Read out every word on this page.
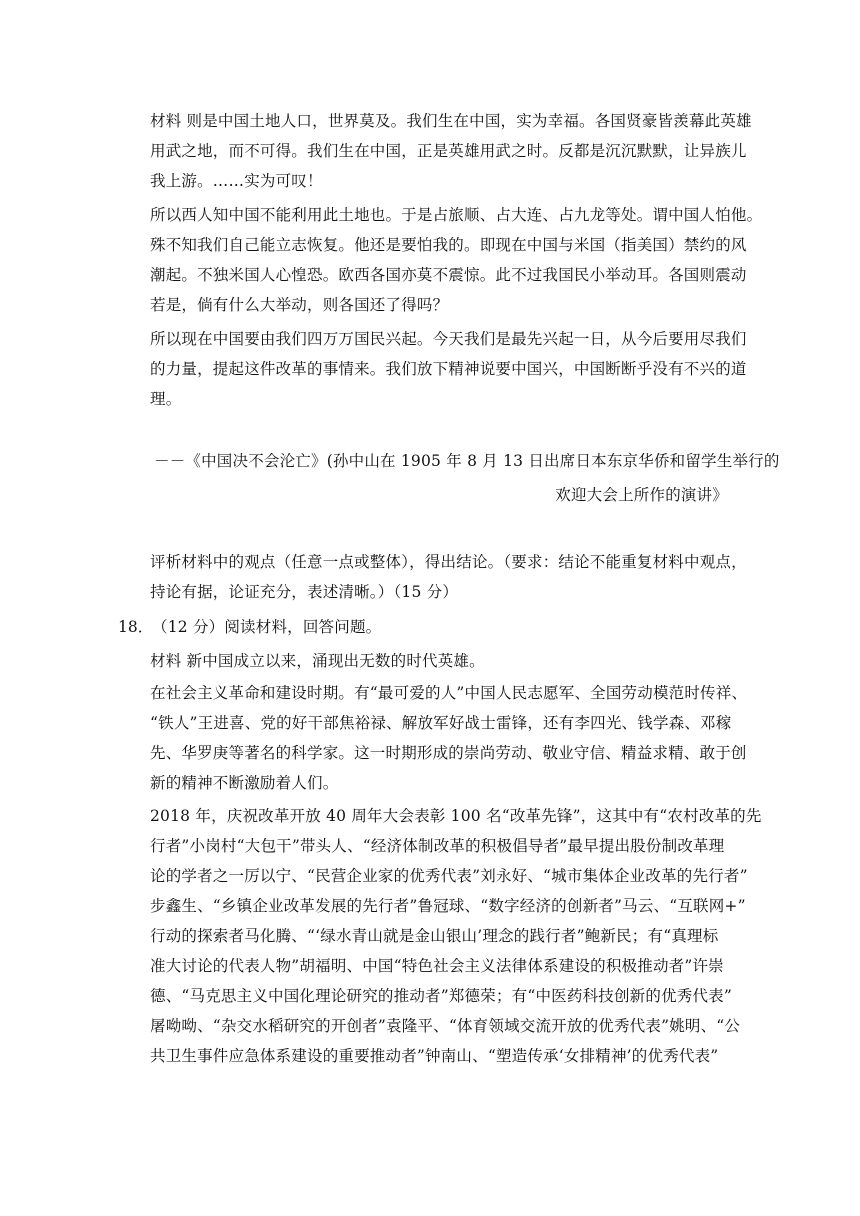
材料 则是中国土地人口，世界莫及。我们生在中国，实为幸福。各国贤豪皆羡幕此英雄
用武之地，而不可得。我们生在中国，正是英雄用武之时。反都是沉沉默默，让异族儿
我上游。……实为可叹！
所以西人知中国不能利用此土地也。于是占旅顺、占大连、占九龙等处。谓中国人怕他。
殊不知我们自己能立志恢复。他还是要怕我的。即现在中国与米国（指美国）禁约的风
潮起。不独米国人心惶恐。欧西各国亦莫不震惊。此不过我国民小举动耳。各国则震动
若是，倘有什么大举动，则各国还了得吗？
所以现在中国要由我们四万万国民兴起。今天我们是最先兴起一日，从今后要用尽我们
的力量，提起这件改革的事情来。我们放下精神说要中国兴，中国断断乎没有不兴的道
理。
－－《中国决不会沦亡》(孙中山在 1905 年 8 月 13 日出席日本东京华侨和留学生举行的
欢迎大会上所作的演讲》
评析材料中的观点（任意一点或整体），得出结论。（要求：结论不能重复材料中观点，
持论有据，论证充分，表述清晰。）（15 分）
18．
（12 分）阅读材料，回答问题。
材料 新中国成立以来，涌现出无数的时代英雄。
在社会主义革命和建设时期。有“最可爱的人”中国人民志愿军、全国劳动模范时传祥、
“铁人”王进喜、党的好干部焦裕禄、解放军好战士雷锋，还有李四光、钱学森、邓稼
先、华罗庚等著名的科学家。这一时期形成的崇尚劳动、敬业守信、精益求精、敢于创
新的精神不断激励着人们。
2018 年，庆祝改革开放 40 周年大会表彰 100 名“改革先锋”，这其中有“农村改革的先
行者”小岗村“大包干”带头人、“经济体制改革的积极倡导者”最早提出股份制改革理
论的学者之一厉以宁、“民营企业家的优秀代表”刘永好、“城市集体企业改革的先行者”
步鑫生、“乡镇企业改革发展的先行者”鲁冠球、“数字经济的创新者”马云、“互联网+”
行动的探索者马化腾、“‘绿水青山就是金山银山’理念的践行者”鲍新民；有“真理标
准大讨论的代表人物”胡福明、中国“特色社会主义法律体系建设的积极推动者”许崇
德、“马克思主义中国化理论研究的推动者”郑德荣；有“中医药科技创新的优秀代表”
屠呦呦、“杂交水稻研究的开创者”袁隆平、“体育领域交流开放的优秀代表”姚明、“公
共卫生事件应急体系建设的重要推动者”钟南山、“塑造传承‘女排精神’的优秀代表”
